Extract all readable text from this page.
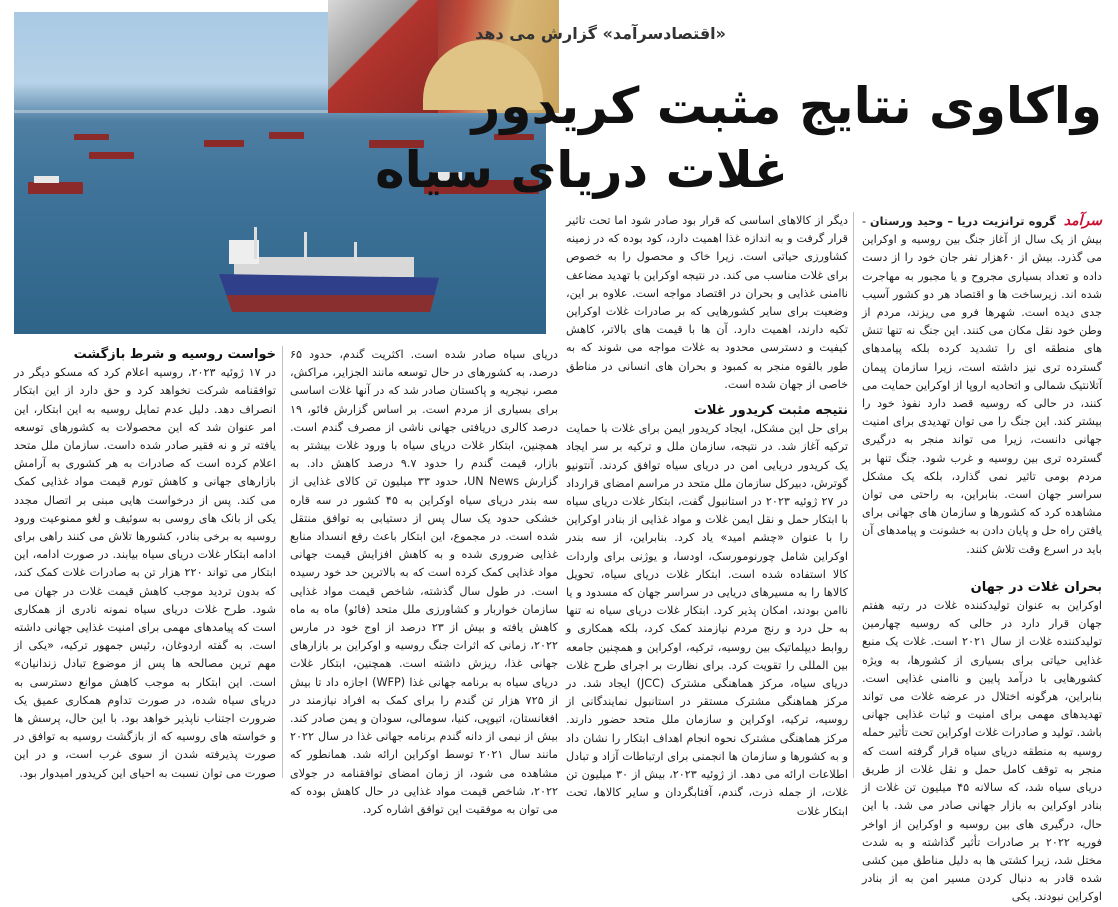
«اقتصادسرآمد» گزارش می دهد
واکاوی نتایج مثبت کریدور
غلات دریای سیاه

سرآمد گروه ترانزیت دریا – وحید ورستان - بیش از یک سال از آغاز جنگ بین روسیه و اوکراین می گذرد. بیش از ۶۰هزار نفر جان خود را از دست داده و تعداد بسیاری مجروح و یا مجبور به مهاجرت شده اند. زیرساخت ها و اقتصاد هر دو کشور آسیب جدی دیده است. شهرها فرو می ریزند، مردم از وطن خود نقل مکان می کنند. این جنگ نه تنها تنش های منطقه ای را تشدید کرده بلکه پیامدهای گسترده تری نیز داشته است، زیرا سازمان پیمان آتلانتیک شمالی و اتحادیه اروپا از اوکراین حمایت می کنند، در حالی که روسیه قصد دارد نفوذ خود را بیشتر کند. این جنگ را می توان تهدیدی برای امنیت جهانی دانست، زیرا می تواند منجر به درگیری گسترده تری بین روسیه و غرب شود. جنگ تنها بر مردم بومی تاثیر نمی گذارد، بلکه یک مشکل سراسر جهان است. بنابراین، به راحتی می توان مشاهده کرد که کشورها و سازمان های جهانی برای یافتن راه حل و پایان دادن به خشونت و پیامدهای آن باید در اسرع وقت تلاش کنند.

بحران غلات در جهان

اوکراین به عنوان تولیدکننده غلات در رتبه هفتم جهان قرار دارد در حالی که روسیه چهارمین تولیدکننده غلات از سال ۲۰۲۱ است. غلات یک منبع غذایی حیاتی برای بسیاری از کشورها، به ویژه کشورهایی با درآمد پایین و ناامنی غذایی است. بنابراین، هرگونه اختلال در عرضه غلات می تواند تهدیدهای مهمی برای امنیت و ثبات غذایی جهانی باشد. تولید و صادرات غلات اوکراین تحت تأثیر حمله روسیه به منطقه دریای سیاه قرار گرفته است که منجر به توقف کامل حمل و نقل غلات از طریق دریای سیاه شد، که سالانه ۴۵ میلیون تن غلات از بنادر اوکراین به بازار جهانی صادر می شد. با این حال، درگیری های بین روسیه و اوکراین از اواخر فوریه ۲۰۲۲ بر صادرات تأثیر گذاشته و به شدت مختل شد، زیرا کشتی ها به دلیل مناطق مین کشی شده قادر به دنبال کردن مسیر امن به از بنادر اوکراین نبودند. یکی

دیگر از کالاهای اساسی که قرار بود صادر شود اما تحت تاثیر قرار گرفت و به اندازه غذا اهمیت دارد، کود بوده که در زمینه کشاورزی حیاتی است. زیرا خاک و محصول را به خصوص برای غلات مناسب می کند. در نتیجه اوکراین با تهدید مضاعف ناامنی غذایی و بحران در اقتصاد مواجه است. علاوه بر این، وضعیت برای سایر کشورهایی که بر صادرات غلات اوکراین تکیه دارند، اهمیت دارد. آن ها با قیمت های بالاتر، کاهش کیفیت و دسترسی محدود به غلات مواجه می شوند که به طور بالقوه منجر به کمبود و بحران های انسانی در مناطق خاصی از جهان شده است.

نتیجه مثبت کریدور غلات

برای حل این مشکل، ایجاد کریدور ایمن برای غلات با حمایت ترکیه آغاز شد. در نتیجه، سازمان ملل و ترکیه بر سر ایجاد یک کریدور دریایی امن در دریای سیاه توافق کردند. آنتونیو گوترش، دبیرکل سازمان ملل متحد در مراسم امضای قرارداد در ۲۷ ژوئیه ۲۰۲۳ در استانبول گفت، ابتکار غلات دریای سیاه با ابتکار حمل و نقل ایمن غلات و مواد غذایی از بنادر اوکراین را با عنوان «چشم امید» یاد کرد. بنابراین، از سه بندر اوکراین شامل چورنومورسک، اودسا، و یوژنی برای واردات کالا استفاده شده است. ابتکار غلات دریای سیاه، تحویل کالاها را به مسیرهای دریایی در سراسر جهان که مسدود و یا ناامن بودند، امکان پذیر کرد. ابتکار غلات دریای سیاه نه تنها به حل درد و رنج مردم نیازمند کمک کرد، بلکه همکاری و روابط دیپلماتیک بین روسیه، ترکیه، اوکراین و همچنین جامعه بین المللی را تقویت کرد. برای نظارت بر اجرای طرح غلات دریای سیاه، مرکز هماهنگی مشترک (JCC) ایجاد شد. در مرکز هماهنگی مشترک مستقر در استانبول نمایندگانی از روسیه، ترکیه، اوکراین و سازمان ملل متحد حضور دارند. مرکز هماهنگی مشترک نحوه انجام اهداف ابتکار را نشان داد و به کشورها و سازمان ها انجمنی برای ارتباطات آزاد و تبادل اطلاعات ارائه می دهد. از ژوئیه ۲۰۲۳، بیش از ۳۰ میلیون تن غلات، از جمله ذرت، گندم، آفتابگردان و سایر کالاها، تحت ابتکار غلات

دریای سیاه صادر شده است. اکثریت گندم، حدود ۶۵ درصد، به کشورهای در حال توسعه مانند الجزایر، مراکش، مصر، نیجریه و پاکستان صادر شد که در آنها غلات اساسی برای بسیاری از مردم است. بر اساس گزارش فائو، ۱۹ درصد کالری دریافتی جهانی ناشی از مصرف گندم است. همچنین، ابتکار غلات دریای سیاه با ورود غلات بیشتر به بازار، قیمت گندم را حدود ۹.۷ درصد کاهش داد. به گزارش UN News، حدود ۳۳ میلیون تن کالای غذایی از سه بندر دریای سیاه اوکراین به ۴۵ کشور در سه قاره خشکی حدود یک سال پس از دستیابی به توافق منتقل شده است. در مجموع، این ابتکار باعث رفع انسداد منابع غذایی ضروری شده و به کاهش افزایش قیمت جهانی مواد غذایی کمک کرده است که به بالاترین حد خود رسیده است. در طول سال گذشته، شاخص قیمت مواد غذایی سازمان خواربار و کشاورزی ملل متحد (فائو) ماه به ماه کاهش یافته و بیش از ۲۳ درصد از اوج خود در مارس ۲۰۲۲، زمانی که اثرات جنگ روسیه و اوکراین بر بازارهای جهانی غذا، ریزش داشته است. همچنین، ابتکار غلات دریای سیاه به برنامه جهانی غذا (WFP) اجازه داد تا بیش از ۷۲۵ هزار تن گندم را برای کمک به افراد نیازمند در افغانستان، اتیوپی، کنیا، سومالی، سودان و یمن صادر کند. بیش از نیمی از دانه گندم برنامه جهانی غذا در سال ۲۰۲۲ مانند سال ۲۰۲۱ توسط اوکراین ارائه شد. همانطور که مشاهده می شود، از زمان امضای توافقنامه در جولای ۲۰۲۲، شاخص قیمت مواد غذایی در حال کاهش بوده که می توان به موفقیت این توافق اشاره کرد.

خواست روسیه و شرط بازگشت

در ۱۷ ژوئیه ۲۰۲۳، روسیه اعلام کرد که مسکو دیگر در توافقنامه شرکت نخواهد کرد و حق دارد از این ابتکار انصراف دهد. دلیل عدم تمایل روسیه به این ابتکار، این امر عنوان شد که این محصولات به کشورهای توسعه یافته تر و نه فقیر صادر شده داست. سازمان ملل متحد اعلام کرده است که صادرات به هر کشوری به آرامش بازارهای جهانی و کاهش تورم قیمت مواد غذایی کمک می کند. پس از درخواست هایی مبنی بر اتصال مجدد یکی از بانک های روسی به سوئیف و لغو ممنوعیت ورود روسیه به برخی بنادر، کشورها تلاش می کنند راهی برای ادامه ابتکار غلات دریای سیاه بیابند. در صورت ادامه، این ابتکار می تواند ۲۲۰ هزار تن به صادرات غلات کمک کند، که بدون تردید موجب کاهش قیمت غلات در جهان می شود. طرح غلات دریای سیاه نمونه نادری از همکاری است که پیامدهای مهمی برای امنیت غذایی جهانی داشته است. به گفته اردوغان، رئیس جمهور ترکیه، «یکی از مهم ترین مصالحه ها پس از موضوع تبادل زندانیان» است. این ابتکار به موجب کاهش موانع دسترسی به دریای سیاه شده، در صورت تداوم همکاری عمیق یک ضرورت اجتناب ناپذیر خواهد بود. با این حال، پرسش ها و خواسته های روسیه که از بازگشت روسیه به توافق در صورت پذیرفته شدن از سوی غرب است، و در این صورت می توان نسبت به احیای این کریدور امیدوار بود.
